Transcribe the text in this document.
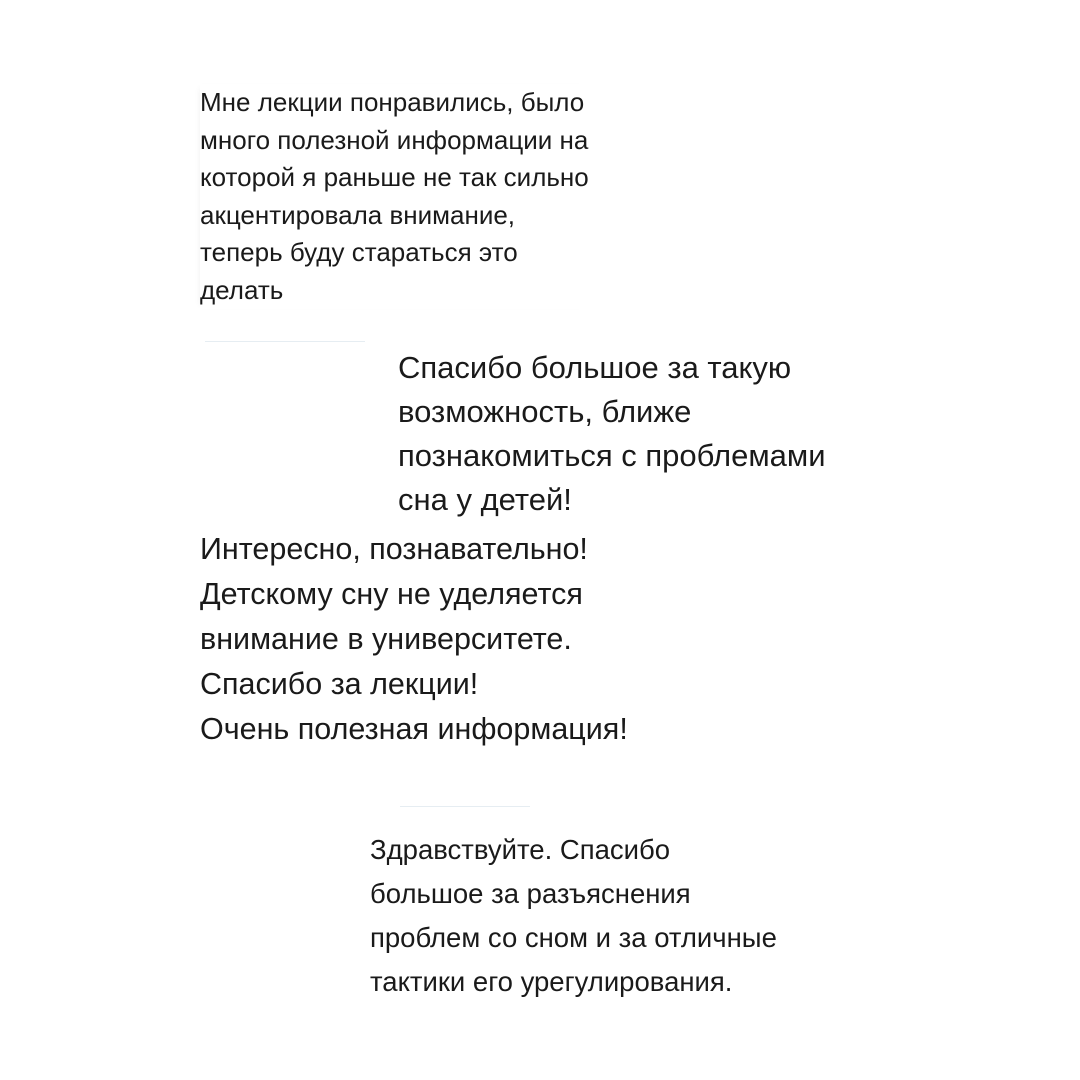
Мне лекции понравились, было
много полезной информации на
которой я раньше не так сильно
акцентировала внимание,
теперь буду стараться это
делать
Спасибо большое за такую
возможность, ближе
познакомиться с проблемами
сна у детей!
Интересно, познавательно!
Детскому сну не уделяется
внимание в университете.
Спасибо за лекции!
Очень полезная информация!
Здравствуйте. Спасибо
большое за разъяснения
проблем со сном и за отличные
тактики его урегулирования.
